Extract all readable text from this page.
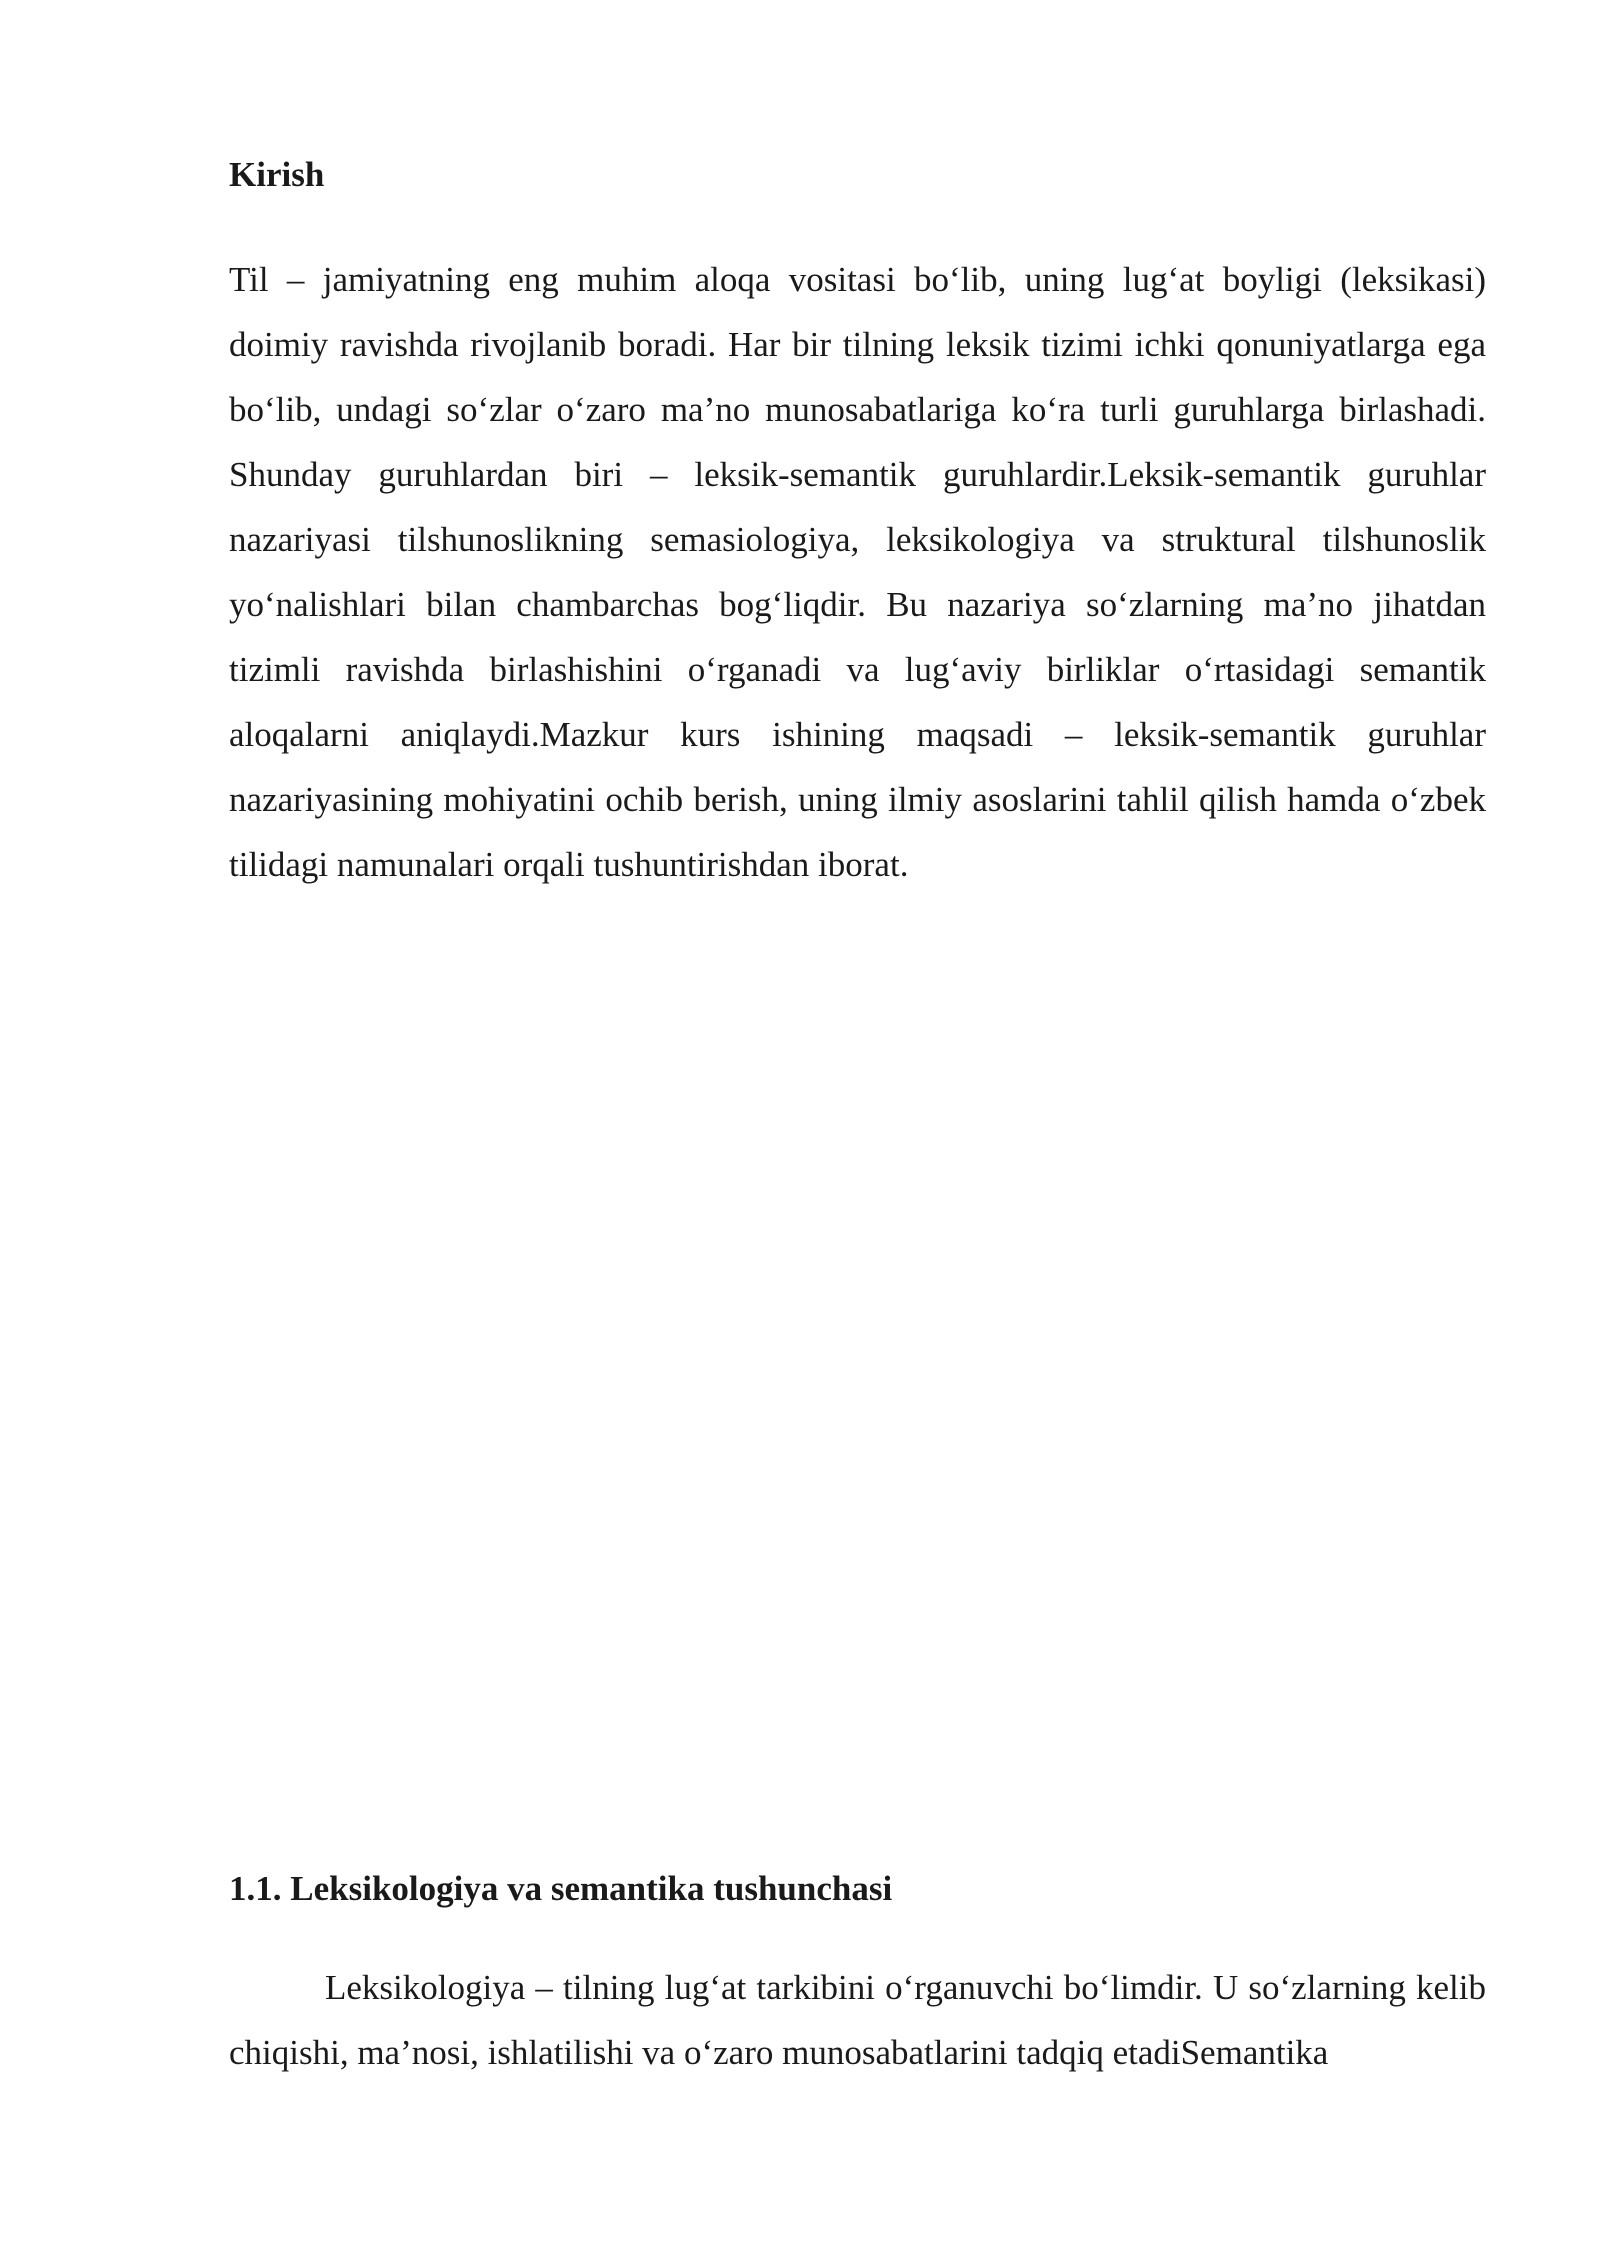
Kirish

Til – jamiyatning eng muhim aloqa vositasi bo‘lib, uning lug‘at boyligi (leksikasi) doimiy ravishda rivojlanib boradi. Har bir tilning leksik tizimi ichki qonuniyatlarga ega bo‘lib, undagi so‘zlar o‘zaro ma’no munosabatlariga ko‘ra turli guruhlarga birlashadi. Shunday guruhlardan biri – leksik-semantik guruhlardir.Leksik-semantik guruhlar nazariyasi tilshunoslikning semasiologiya, leksikologiya va struktural tilshunoslik yo‘nalishlari bilan chambarchas bog‘liqdir. Bu nazariya so‘zlarning ma’no jihatdan tizimli ravishda birlashishini o‘rganadi va lug‘aviy birliklar o‘rtasidagi semantik aloqalarni aniqlaydi.Mazkur kurs ishining maqsadi – leksik-semantik guruhlar nazariyasining mohiyatini ochib berish, uning ilmiy asoslarini tahlil qilish hamda o‘zbek tilidagi namunalari orqali tushuntirishdan iborat.

1.1. Leksikologiya va semantika tushunchasi

Leksikologiya – tilning lug‘at tarkibini o‘rganuvchi bo‘limdir. U so‘zlarning kelib chiqishi, ma’nosi, ishlatilishi va o‘zaro munosabatlarini tadqiq etadiSemantika
